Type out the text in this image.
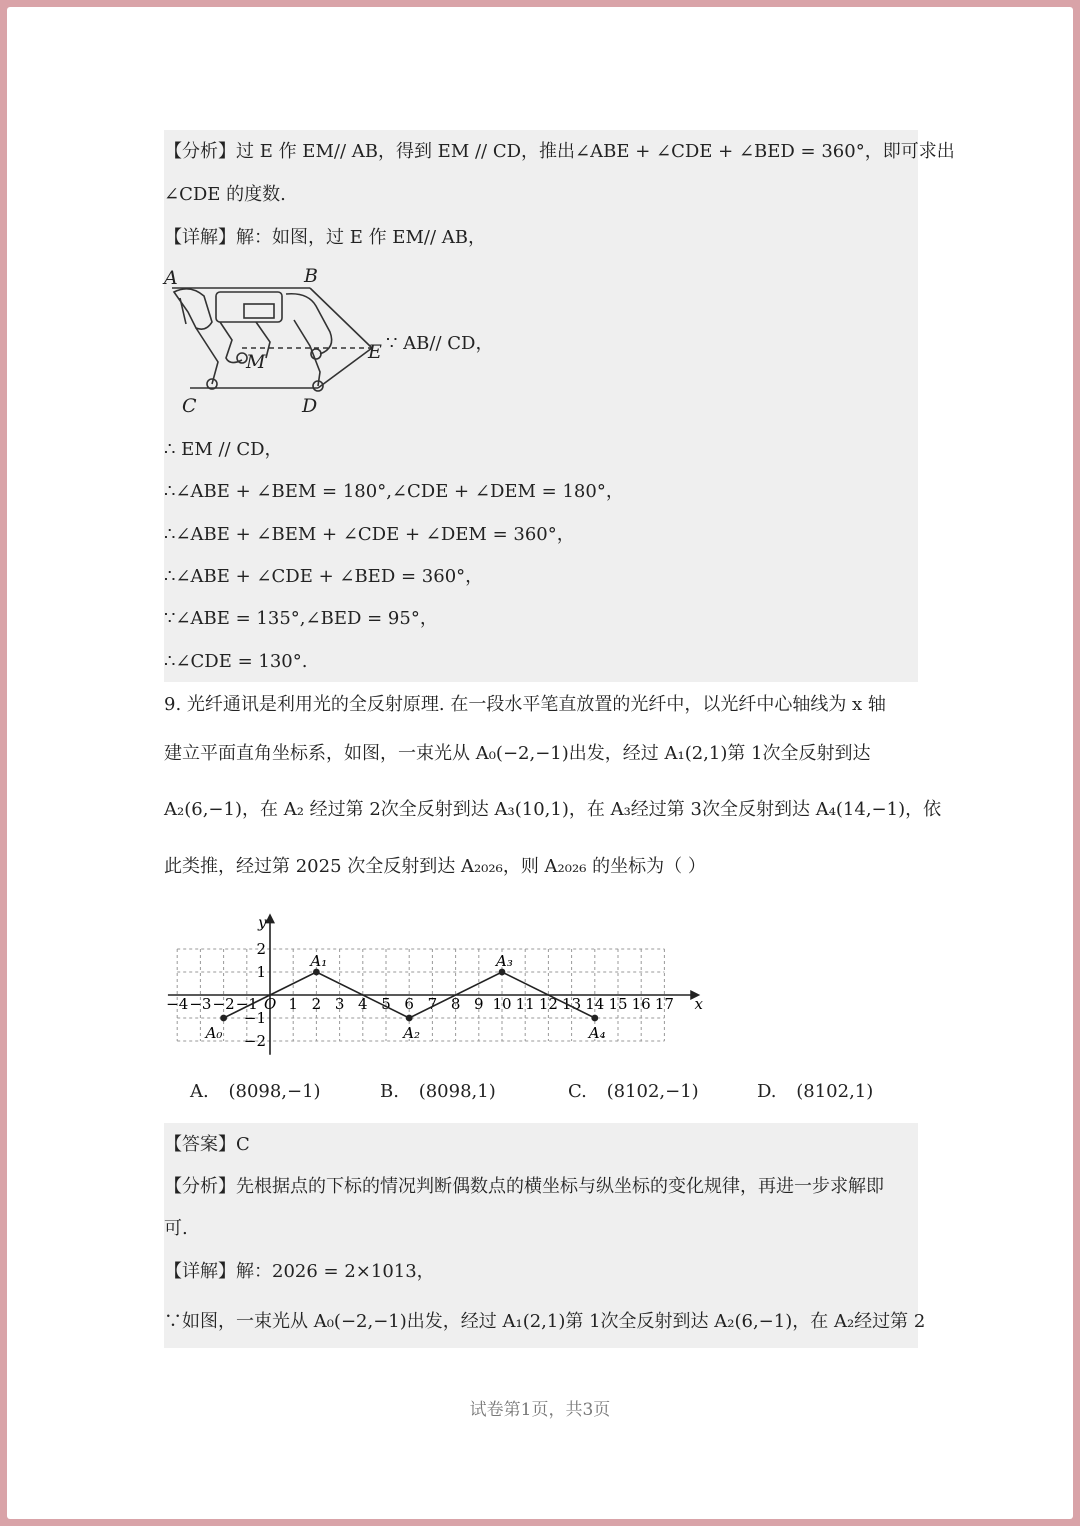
【分析】过 E 作 EM// AB，得到 EM // CD，推出∠ABE + ∠CDE + ∠BED = 360°，即可求出
∠CDE 的度数.
【详解】解：如图，过 E 作 EM// AB，
A	B
C	D
E
M
∵ AB// CD，
∴ EM // CD，
∴∠ABE + ∠BEM = 180°,∠CDE + ∠DEM = 180°，
∴∠ABE + ∠BEM + ∠CDE + ∠DEM = 360°，
∴∠ABE + ∠CDE + ∠BED = 360°，
∵∠ABE = 135°,∠BED = 95°，
∴∠CDE = 130°.
9. 光纤通讯是利用光的全反射原理. 在一段水平笔直放置的光纤中，以光纤中心轴线为 x 轴
建立平面直角坐标系，如图，一束光从 A₀(−2,−1)出发，经过 A₁(2,1)第 1次全反射到达
A₂(6,−1)，在 A₂ 经过第 2次全反射到达 A₃(10,1)，在 A₃经过第 3次全反射到达 A₄(14,−1)，依
此类推，经过第 2025 次全反射到达 A₂₀₂₆，则 A₂₀₂₆ 的坐标为（ ）
x
y
O
−4 −3 −2 −1 1 2 3 4 5 6 7 8 9 10 11 12 13 14 15 16 17
2
1
−1
−2
A₀
A₁
A₂
A₃
A₄
A. (8098,−1)	B. (8098,1)	C. (8102,−1)	D. (8102,1)
【答案】C
【分析】先根据点的下标的情况判断偶数点的横坐标与纵坐标的变化规律，再进一步求解即
可.
【详解】解：2026 = 2×1013，
∵如图，一束光从 A₀(−2,−1)出发，经过 A₁(2,1)第 1次全反射到达 A₂(6,−1)，在 A₂经过第 2
试卷第1页，共3页
